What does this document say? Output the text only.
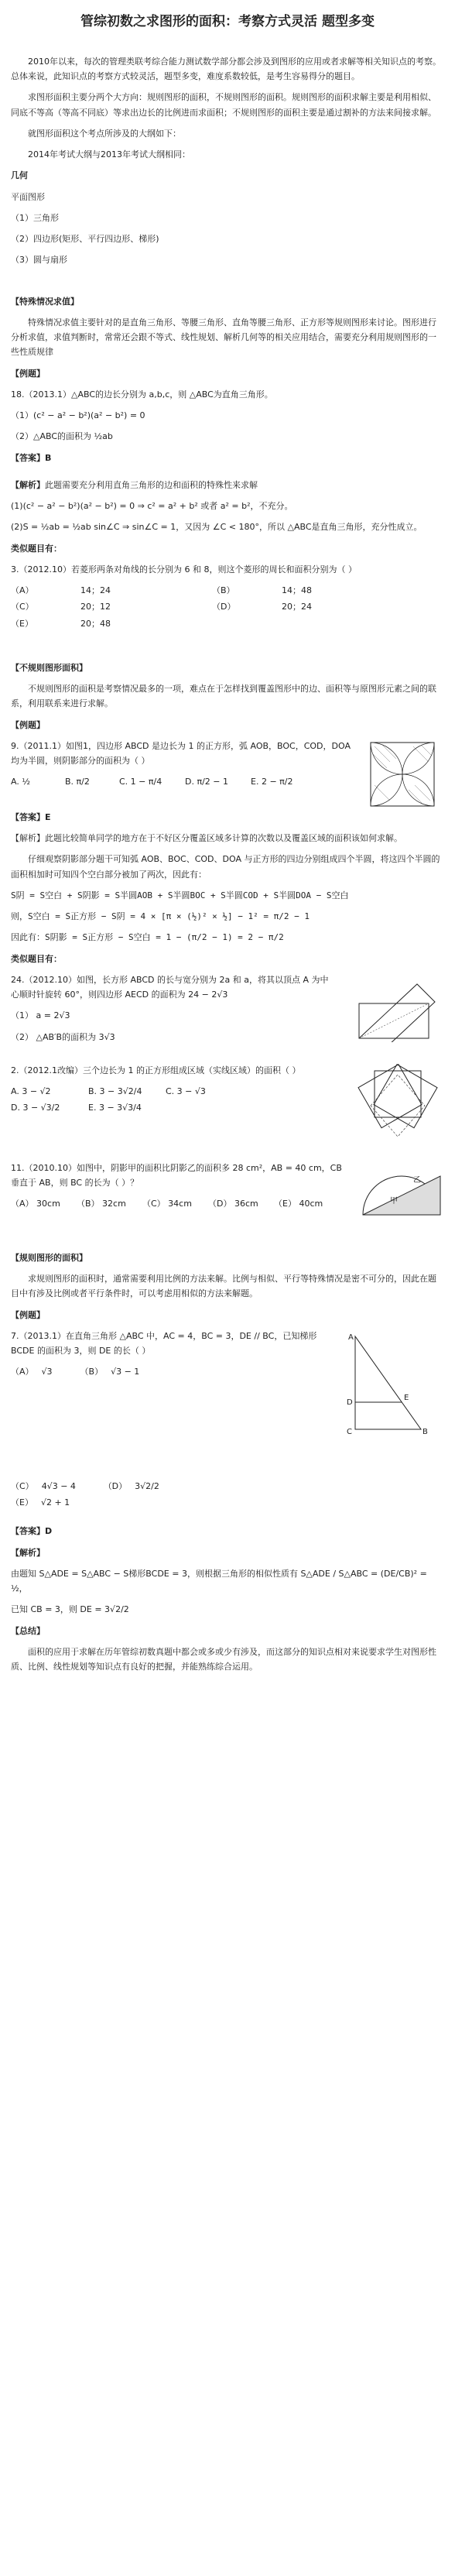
管综初数之求图形的面积：考察方式灵活 题型多变

2010年以来，每次的管理类联考综合能力测试数学部分都会涉及到图形的应用或者求解等相关知识点的考察。总体来说，此知识点的考察方式较灵活，题型多变，难度系数较低，是考生容易得分的题目。

求图形面积主要分两个大方向：规则图形的面积，不规则图形的面积。规则图形的面积求解主要是利用相似、同底不等高（等高不同底）等求出边长的比例进而求面积；不规则图形的面积主要是通过割补的方法来间接求解。

就图形面积这个考点所涉及的大纲如下：

2014年考试大纲与2013年考试大纲相同：

几何

平面图形

（1）三角形

（2）四边形(矩形、平行四边形、梯形)

（3）圆与扇形

【特殊情况求值】

特殊情况求值主要针对的是直角三角形、等腰三角形、直角等腰三角形、正方形等规则图形来讨论。图形进行分析求值，求值判断时，常常还会跟不等式、线性规划、解析几何等的相关应用结合，需要充分利用规则图形的一些性质规律

【例题】

18.（2013.1）△ABC的边长分别为 a,b,c，则 △ABC为直角三角形。

（1）(c² − a² − b²)(a² − b²) = 0

（2）△ABC的面积为 ½ab

【答案】B

【解析】此题需要充分利用直角三角形的边和面积的特殊性来求解

(1)(c² − a² − b²)(a² − b²) = 0 ⇒ c² = a² + b² 或者 a² = b²，不充分。

(2)S = ½ab = ½ab sin∠C ⇒ sin∠C = 1，又因为 ∠C < 180°，所以 △ABC是直角三角形，充分性成立。

类似题目有：

3.（2012.10）若菱形两条对角线的长分别为 6 和 8，则这个菱形的周长和面积分别为（ ）

（A）	14；24	（B）	14；48
（C）	20；12	（D）	20；24
（E）	20；48

【不规则图形面积】

不规则图形的面积是考察情况最多的一项，难点在于怎样找到覆盖图形中的边、面积等与原图形元素之间的联系，利用联系来进行求解。

【例题】

9.（2011.1）如图1，四边形 ABCD 是边长为 1 的正方形，弧 AOB，BOC，COD，DOA 均为半圆，则阴影部分的面积为（ ）

A. ½	B. π/2	C. 1 − π/4	D. π/2 − 1	E. 2 − π/2

【答案】E

【解析】此题比较简单同学的地方在于不好区分覆盖区域多计算的次数以及覆盖区域的面积该如何求解。

仔细观察阴影部分题干可知弧 AOB、BOC、COD、DOA 与正方形的四边分别组成四个半圆，将这四个半圆的面积相加时可知四个空白部分被加了两次，因此有：

S阴 = S空白 + S阴影 = S半圆AOB + S半圆BOC + S半圆COD + S半圆DOA − S空白

则，S空白 = S正方形 − S阴 = 4 × [π × (½)² × ½] − 1² = π/2 − 1

因此有：S阴影 = S正方形 − S空白 = 1 − (π/2 − 1) = 2 − π/2

类似题目有：

24.（2012.10）如图，长方形 ABCD 的长与宽分别为 2a 和 a，将其以顶点 A 为中心顺时针旋转 60°，则四边形 AECD 的面积为 24 − 2√3

（1） a = 2√3

（2） △AB′B的面积为 3√3

2.（2012.1改编）三个边长为 1 的正方形组成区域（实线区域）的面积（ ）

A. 3 − √2	B. 3 − 3√2/4	C. 3 − √3
D. 3 − √3/2	E. 3 − 3√3/4

11.（2010.10）如图中，阴影甲的面积比阴影乙的面积多 28 cm²，AB = 40 cm，CB 垂直于 AB，则 BC 的长为（ ）？

（A） 30cm	（B） 32cm	（C） 34cm	（D） 36cm	（E） 40cm	甲
乙

【规则图形的面积】

求规则图形的面积时，通常需要利用比例的方法来解。比例与相似、平行等特殊情况是密不可分的，因此在题目中有涉及比例或者平行条件时，可以考虑用相似的方法来解题。

【例题】

7.（2013.1）在直角三角形 △ABC 中，AC = 4，BC = 3，DE // BC，已知梯形 BCDE 的面积为 3，则 DE 的长（ ）

（A） √3	（B） √3 − 1
A
D
E
C	B
（C） 4√3 − 4	（D） 3√2/2
（E） √2 + 1

【答案】D

【解析】

由题知 S△ADE = S△ABC − S梯形BCDE = 3，则根据三角形的相似性质有 S△ADE / S△ABC = (DE/CB)² = ½，

已知 CB = 3，则 DE = 3√2/2

【总结】

面积的应用于求解在历年管综初数真题中都会或多或少有涉及，而这部分的知识点相对来说要求学生对图形性质、比例、线性规划等知识点有良好的把握，并能熟练综合运用。
